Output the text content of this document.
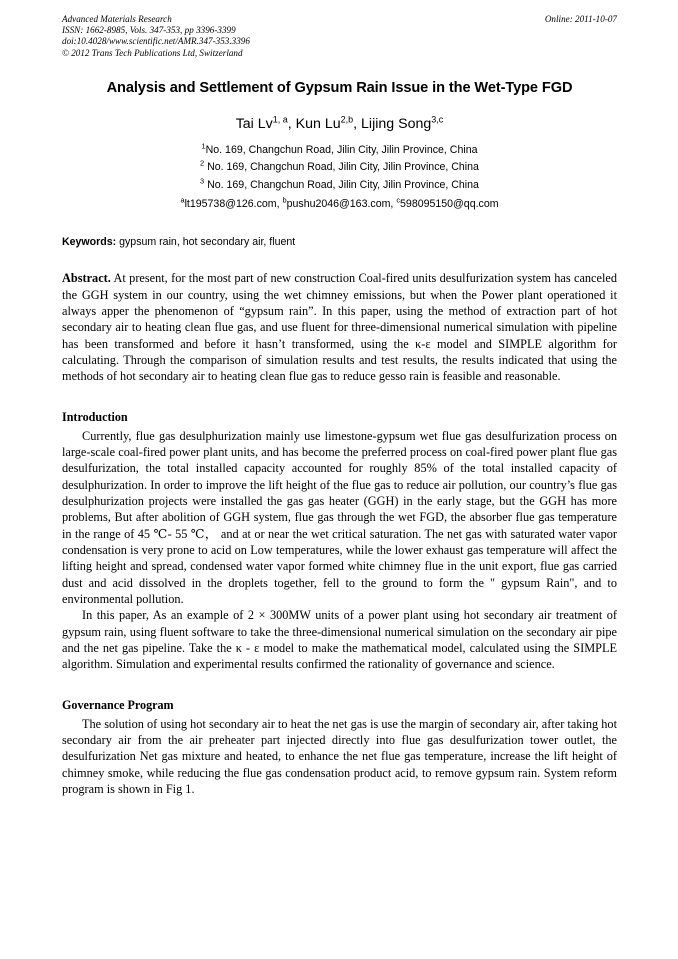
Advanced Materials Research
ISSN: 1662-8985, Vols. 347-353, pp 3396-3399
doi:10.4028/www.scientific.net/AMR.347-353.3396
© 2012 Trans Tech Publications Ltd, Switzerland
Online: 2011-10-07
Analysis and Settlement of Gypsum Rain Issue in the Wet-Type FGD
Tai Lv$^{1, a}$, Kun Lu$^{2,b}$, Lijing Song$^{3,c}$
$^1$No. 169, Changchun Road, Jilin City, Jilin Province, China
$^2$ No. 169, Changchun Road, Jilin City, Jilin Province, China
$^3$ No. 169, Changchun Road, Jilin City, Jilin Province, China
$^a$lt195738@126.com, $^b$pushu2046@163.com, $^c$598095150@qq.com
Keywords: gypsum rain, hot secondary air, fluent
Abstract. At present, for the most part of new construction Coal-fired units desulfurization system has canceled the GGH system in our country, using the wet chimney emissions, but when the Power plant operationed it always apper the phenomenon of “gypsum rain”. In this paper, using the method of extraction part of hot secondary air to heating clean flue gas, and use fluent for three-dimensional numerical simulation with pipeline has been transformed and before it hasn’t transformed, using the κ-ε model and SIMPLE algorithm for calculating. Through the comparison of simulation results and test results, the results indicated that using the methods of hot secondary air to heating clean flue gas to reduce gesso rain is feasible and reasonable.
Introduction

Currently, flue gas desulphurization mainly use limestone-gypsum wet flue gas desulfurization process on large-scale coal-fired power plant units, and has become the preferred process on coal-fired power plant flue gas desulfurization, the total installed capacity accounted for roughly 85% of the total installed capacity of desulphurization. In order to improve the lift height of the flue gas to reduce air pollution, our country’s flue gas desulphurization projects were installed the gas gas heater (GGH) in the early stage, but the GGH has more problems, But after abolition of GGH system, flue gas through the wet FGD, the absorber flue gas temperature in the range of 45 ℃- 55 ℃， and at or near the wet critical saturation. The net gas with saturated water vapor condensation is very prone to acid on Low temperatures, while the lower exhaust gas temperature will affect the lifting height and spread, condensed water vapor formed white chimney flue in the unit export, flue gas carried dust and acid dissolved in the droplets together, fell to the ground to form the " gypsum Rain", and to environmental pollution.

In this paper, As an example of 2 × 300MW units of a power plant using hot secondary air treatment of gypsum rain, using fluent software to take the three-dimensional numerical simulation on the secondary air pipe and the net gas pipeline. Take the κ - ε model to make the mathematical model, calculated using the SIMPLE algorithm. Simulation and experimental results confirmed the rationality of governance and science.

Governance Program

The solution of using hot secondary air to heat the net gas is use the margin of secondary air, after taking hot secondary air from the air preheater part injected directly into flue gas desulfurization tower outlet, the desulfurization Net gas mixture and heated, to enhance the net flue gas temperature, increase the lift height of chimney smoke, while reducing the flue gas condensation product acid, to remove gypsum rain. System reform program is shown in Fig 1.
